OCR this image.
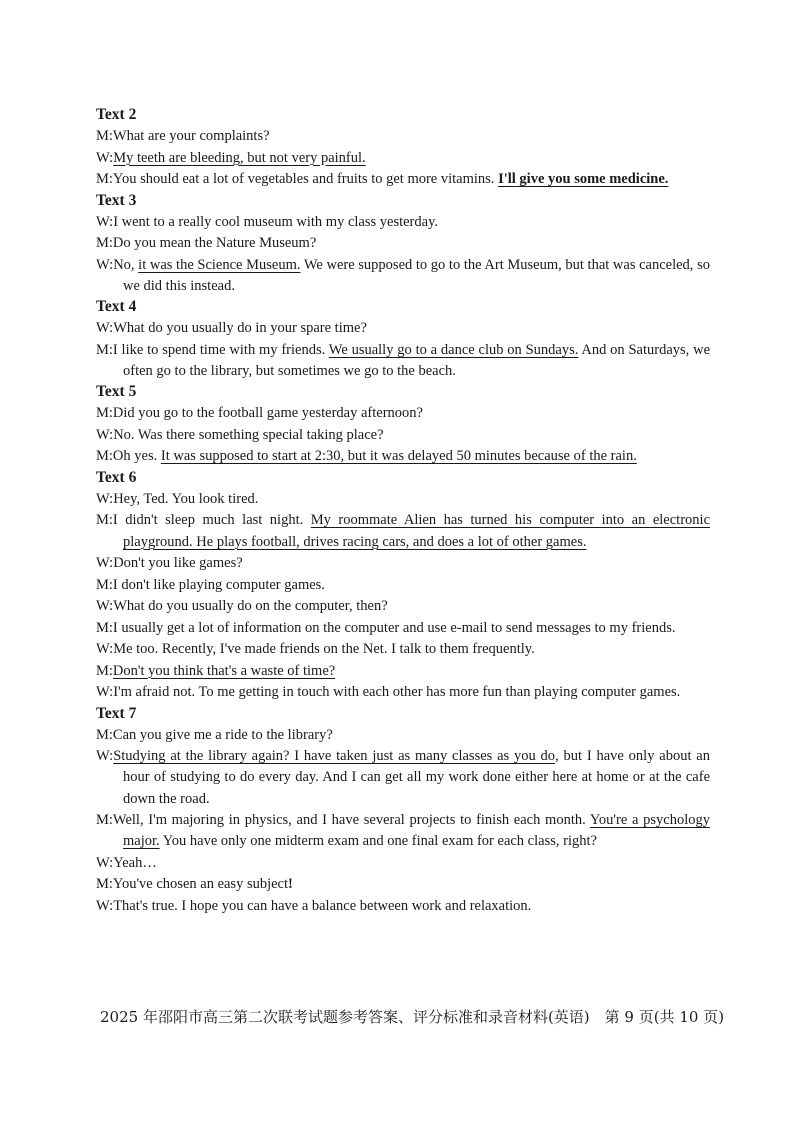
Text 2

M:What are your complaints?

W:My teeth are bleeding, but not very painful.

M:You should eat a lot of vegetables and fruits to get more vitamins. I'll give you some medicine.

Text 3

W:I went to a really cool museum with my class yesterday.

M:Do you mean the Nature Museum?

W:No, it was the Science Museum. We were supposed to go to the Art Museum, but that was canceled, so we did this instead.

Text 4

W:What do you usually do in your spare time?

M:I like to spend time with my friends. We usually go to a dance club on Sundays. And on Saturdays, we often go to the library, but sometimes we go to the beach.

Text 5

M:Did you go to the football game yesterday afternoon?

W:No. Was there something special taking place?

M:Oh yes. It was supposed to start at 2:30, but it was delayed 50 minutes because of the rain.

Text 6

W:Hey, Ted. You look tired.

M:I didn't sleep much last night. My roommate Alien has turned his computer into an electronic playground. He plays football, drives racing cars, and does a lot of other games.

W:Don't you like games?

M:I don't like playing computer games.

W:What do you usually do on the computer, then?

M:I usually get a lot of information on the computer and use e-mail to send messages to my friends.

W:Me too. Recently, I've made friends on the Net. I talk to them frequently.

M:Don't you think that's a waste of time?

W:I'm afraid not. To me getting in touch with each other has more fun than playing computer games.

Text 7

M:Can you give me a ride to the library?

W:Studying at the library again? I have taken just as many classes as you do, but I have only about an hour of studying to do every day. And I can get all my work done either here at home or at the cafe down the road.

M:Well, I'm majoring in physics, and I have several projects to finish each month. You're a psychology major. You have only one midterm exam and one final exam for each class, right?

W:Yeah…

M:You've chosen an easy subject!

W:That's true. I hope you can have a balance between work and relaxation.

2025 年邵阳市高三第二次联考试题参考答案、评分标准和录音材料(英语)　第 9 页(共 10 页)
